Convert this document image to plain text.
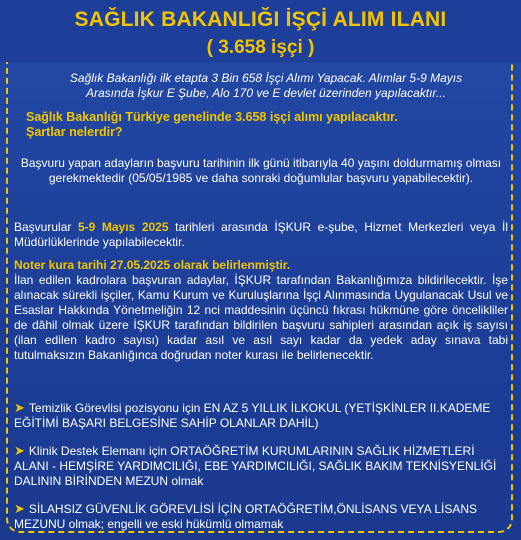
SAĞLIK BAKANLIĞI İŞÇİ ALIM ILANI
( 3.658 işçi )
Sağlık Bakanlığı ilk etapta 3 Bin 658 İşçi Alımı Yapacak. Alımlar 5-9 Mayıs
Arasında İşkur E Şube, Alo 170 ve E devlet üzerinden yapılacaktır...
Sağlık Bakanlığı Türkiye genelinde 3.658 işçi alımı yapılacaktır.
Şartlar nelerdir?
Başvuru yapan adayların başvuru tarihinin ilk günü itibarıyla 40 yaşını doldurmamış olması gerekmektedir (05/05/1985 ve daha sonraki doğumlular başvuru yapabilecektir).
Başvurular 5-9 Mayıs 2025 tarihleri arasında İŞKUR e-şube, Hizmet Merkezleri veya İl Müdürlüklerinde yapılabilecektir.
Noter kura tarihi 27.05.2025 olarak belirlenmiştir.
İlan edilen kadrolara başvuran adaylar, İŞKUR tarafından Bakanlığımıza bildirilecektir. İşe alınacak sürekli işçiler, Kamu Kurum ve Kuruluşlarına İşçi Alınmasında Uygulanacak Usul ve Esaslar Hakkında Yönetmeliğin 12 nci maddesinin üçüncü fıkrası hükmüne göre öncelikliler de dâhil olmak üzere İŞKUR tarafından bildirilen başvuru sahipleri arasından açık iş sayısı (ilan edilen kadro sayısı) kadar asıl ve asıl sayı kadar da yedek aday sınava tabi tutulmaksızın Bakanlığınca doğrudan noter kurası ile belirlenecektir.
➤ Temizlik Görevlisi pozisyonu için EN AZ 5 YILLIK İLKOKUL (YETİŞKİNLER II.KADEME EĞİTİMİ BAŞARI BELGESİNE SAHİP OLANLAR DAHİL)
➤ Klinik Destek Elemanı için ORTAÖĞRETİM KURUMLARININ SAĞLIK HİZMETLERİ ALANI - HEMŞİRE YARDIMCILIĞI, EBE YARDIMCILIĞI, SAĞLIK BAKIM TEKNİSYENLİĞİ DALININ BİRİNDEN MEZUN olmak
➤ SİLAHSIZ GÜVENLİK GÖREVLİSİ İÇİN ORTAÖĞRETİM,ÖNLİSANS VEYA LİSANS MEZUNU olmak; engelli ve eski hükümlü olmamak
